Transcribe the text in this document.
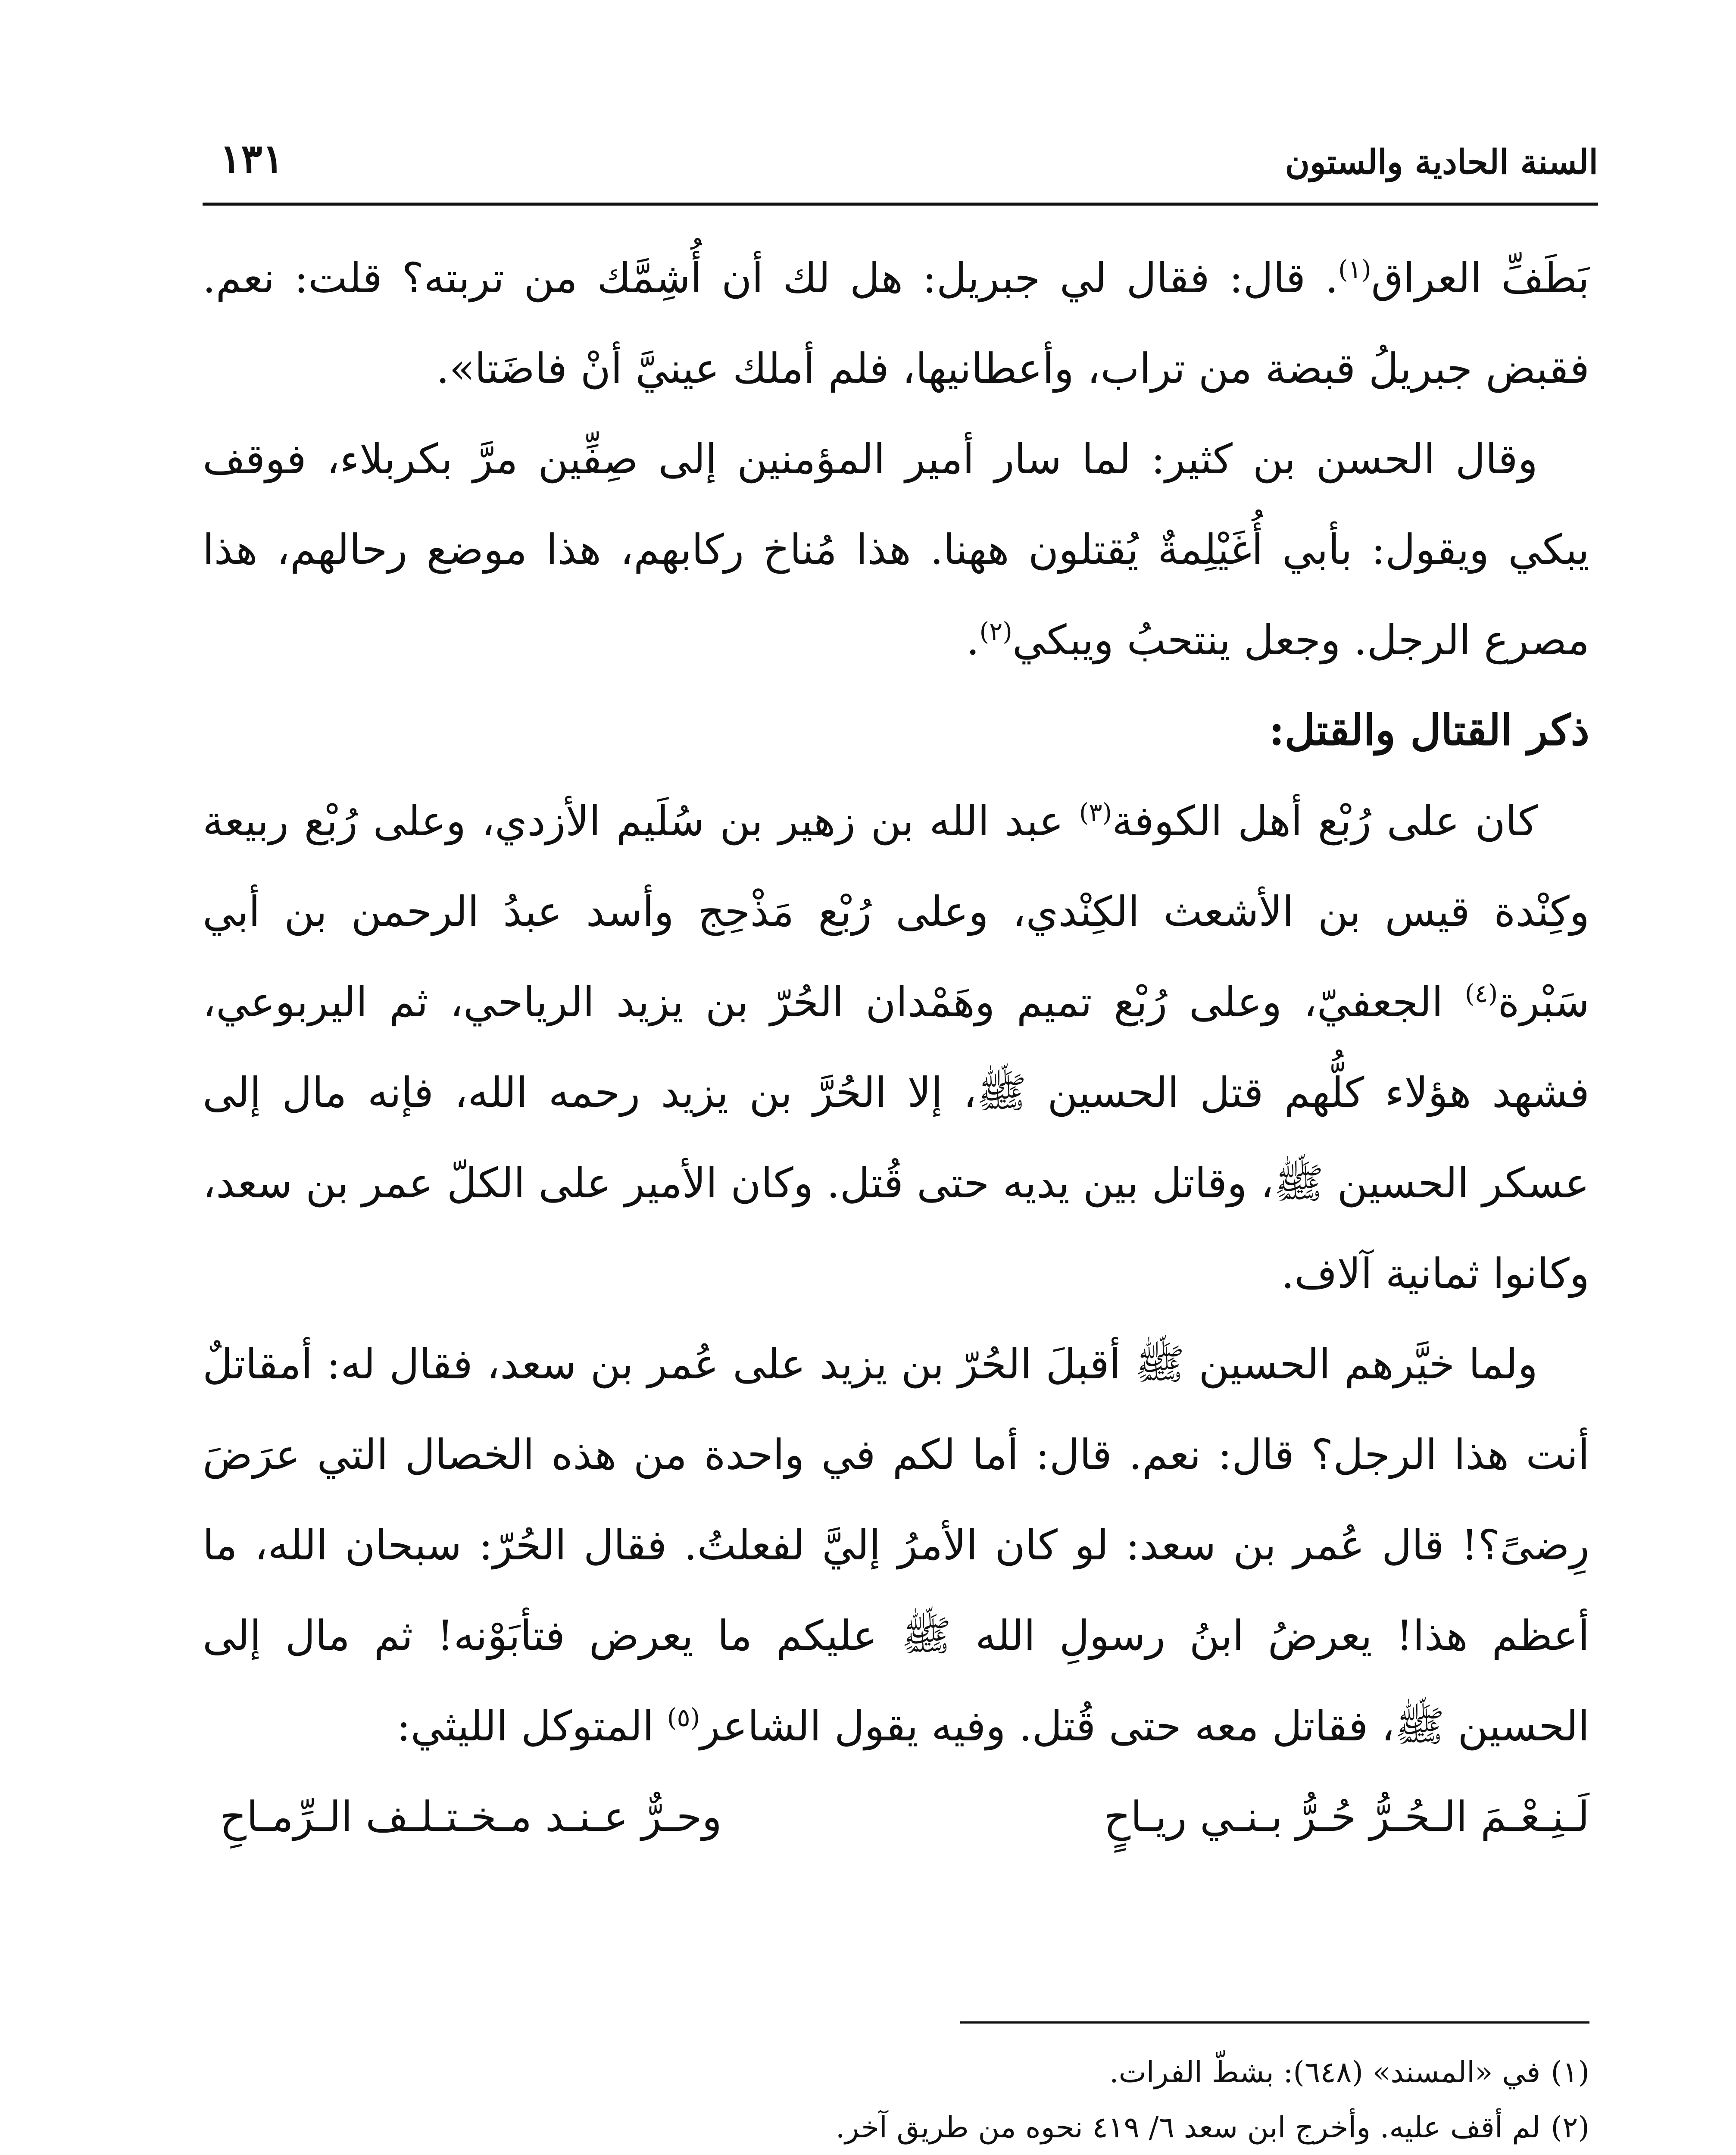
السنة الحادية والستون
١٣١

بَطَفِّ العراق$^{(١)}$. قال: فقال لي جبريل: هل لك أن أُشِمَّك من تربته؟ قلت: نعم. فقبض جبريلُ قبضة من تراب، وأعطانيها، فلم أملك عينيَّ أنْ فاضَتا».

وقال الحسن بن كثير: لما سار أمير المؤمنين إلى صِفِّين مرَّ بكربلاء، فوقف يبكي ويقول: بأبي أُغَيْلِمةٌ يُقتلون ههنا. هذا مُناخ ركابهم، هذا موضع رحالهم، هذا مصرع الرجل. وجعل ينتحبُ ويبكي$^{(٢)}$.

ذكر القتال والقتل:

كان على رُبْع أهل الكوفة$^{(٣)}$ عبد الله بن زهير بن سُلَيم الأزدي، وعلى رُبْع ربيعة وكِنْدة قيس بن الأشعث الكِنْدي، وعلى رُبْع مَذْحِج وأسد عبدُ الرحمن بن أبي سَبْرة$^{(٤)}$ الجعفيّ، وعلى رُبْع تميم وهَمْدان الحُرّ بن يزيد الرياحي، ثم اليربوعي، فشهد هؤلاء كلُّهم قتل الحسين ﷺ، إلا الحُرَّ بن يزيد رحمه الله، فإنه مال إلى عسكر الحسين ﷺ، وقاتل بين يديه حتى قُتل. وكان الأمير على الكلّ عمر بن سعد، وكانوا ثمانية آلاف.

ولما خيَّرهم الحسين ﷺ أقبلَ الحُرّ بن يزيد على عُمر بن سعد، فقال له: أمقاتلٌ أنت هذا الرجل؟ قال: نعم. قال: أما لكم في واحدة من هذه الخصال التي عرَضَ رِضىً؟! قال عُمر بن سعد: لو كان الأمرُ إليَّ لفعلتُ. فقال الحُرّ: سبحان الله، ما أعظم هذا! يعرضُ ابنُ رسولِ الله ﷺ عليكم ما يعرض فتأبَوْنه! ثم مال إلى الحسين ﷺ، فقاتل معه حتى قُتل. وفيه يقول الشاعر$^{(٥)}$ المتوكل الليثي:

لَـنِـعْـمَ الـحُـرُّ حُـرُّ بـنـي ريـاحٍ
وحـرٌّ عـنـد مـخـتـلـف الـرِّمـاحِ

(١)في «المسند» (٦٤٨): بشطّ الفرات.

(٢)لم أقف عليه. وأخرج ابن سعد ٦/ ٤١٩ نحوه من طريق آخر.
